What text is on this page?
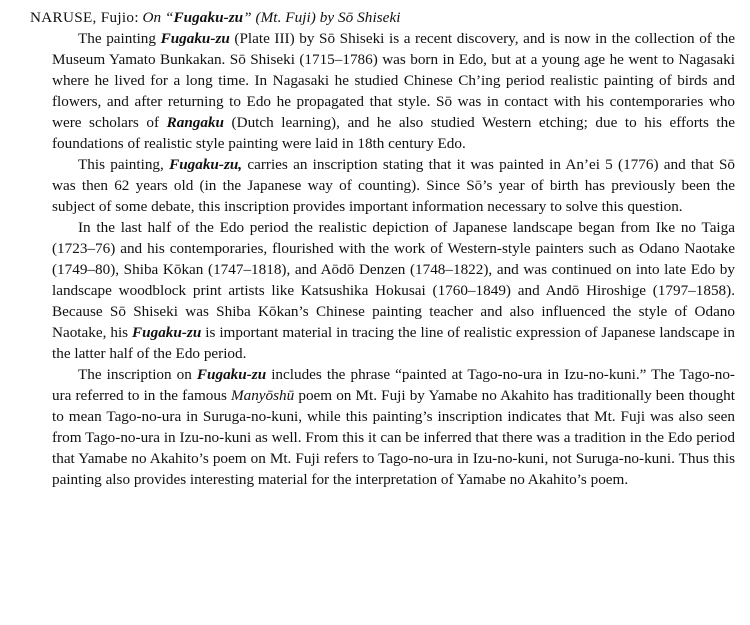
NARUSE, Fujio: On “Fugaku-zu” (Mt. Fuji) by Sō Shiseki

The painting Fugaku-zu (Plate III) by Sō Shiseki is a recent discovery, and is now in the collection of the Museum Yamato Bunkakan. Sō Shiseki (1715–1786) was born in Edo, but at a young age he went to Nagasaki where he lived for a long time. In Nagasaki he studied Chinese Ch’ing period realistic painting of birds and flowers, and after returning to Edo he propagated that style. Sō was in contact with his contemporaries who were scholars of Rangaku (Dutch learning), and he also studied Western etching; due to his efforts the foundations of realistic style painting were laid in 18th century Edo.

This painting, Fugaku-zu, carries an inscription stating that it was painted in An’ei 5 (1776) and that Sō was then 62 years old (in the Japanese way of counting). Since Sō’s year of birth has previously been the subject of some debate, this inscription provides important information necessary to solve this question.

In the last half of the Edo period the realistic depiction of Japanese landscape began from Ike no Taiga (1723–76) and his contemporaries, flourished with the work of Western-style painters such as Odano Naotake (1749–80), Shiba Kōkan (1747–1818), and Aōdō Denzen (1748–1822), and was continued on into late Edo by landscape woodblock print artists like Katsushika Hokusai (1760–1849) and Andō Hiroshige (1797–1858). Because Sō Shiseki was Shiba Kōkan’s Chinese painting teacher and also influenced the style of Odano Naotake, his Fugaku-zu is important material in tracing the line of realistic expression of Japanese landscape in the latter half of the Edo period.

The inscription on Fugaku-zu includes the phrase “painted at Tago-no-ura in Izu-no-kuni.” The Tago-no-ura referred to in the famous Manyōshū poem on Mt. Fuji by Yamabe no Akahito has traditionally been thought to mean Tago-no-ura in Suruga-no-kuni, while this painting’s inscription indicates that Mt. Fuji was also seen from Tago-no-ura in Izu-no-kuni as well. From this it can be inferred that there was a tradition in the Edo period that Yamabe no Akahito’s poem on Mt. Fuji refers to Tago-no-ura in Izu-no-kuni, not Suruga-no-kuni. Thus this painting also provides interesting material for the interpretation of Yamabe no Akahito’s poem.
